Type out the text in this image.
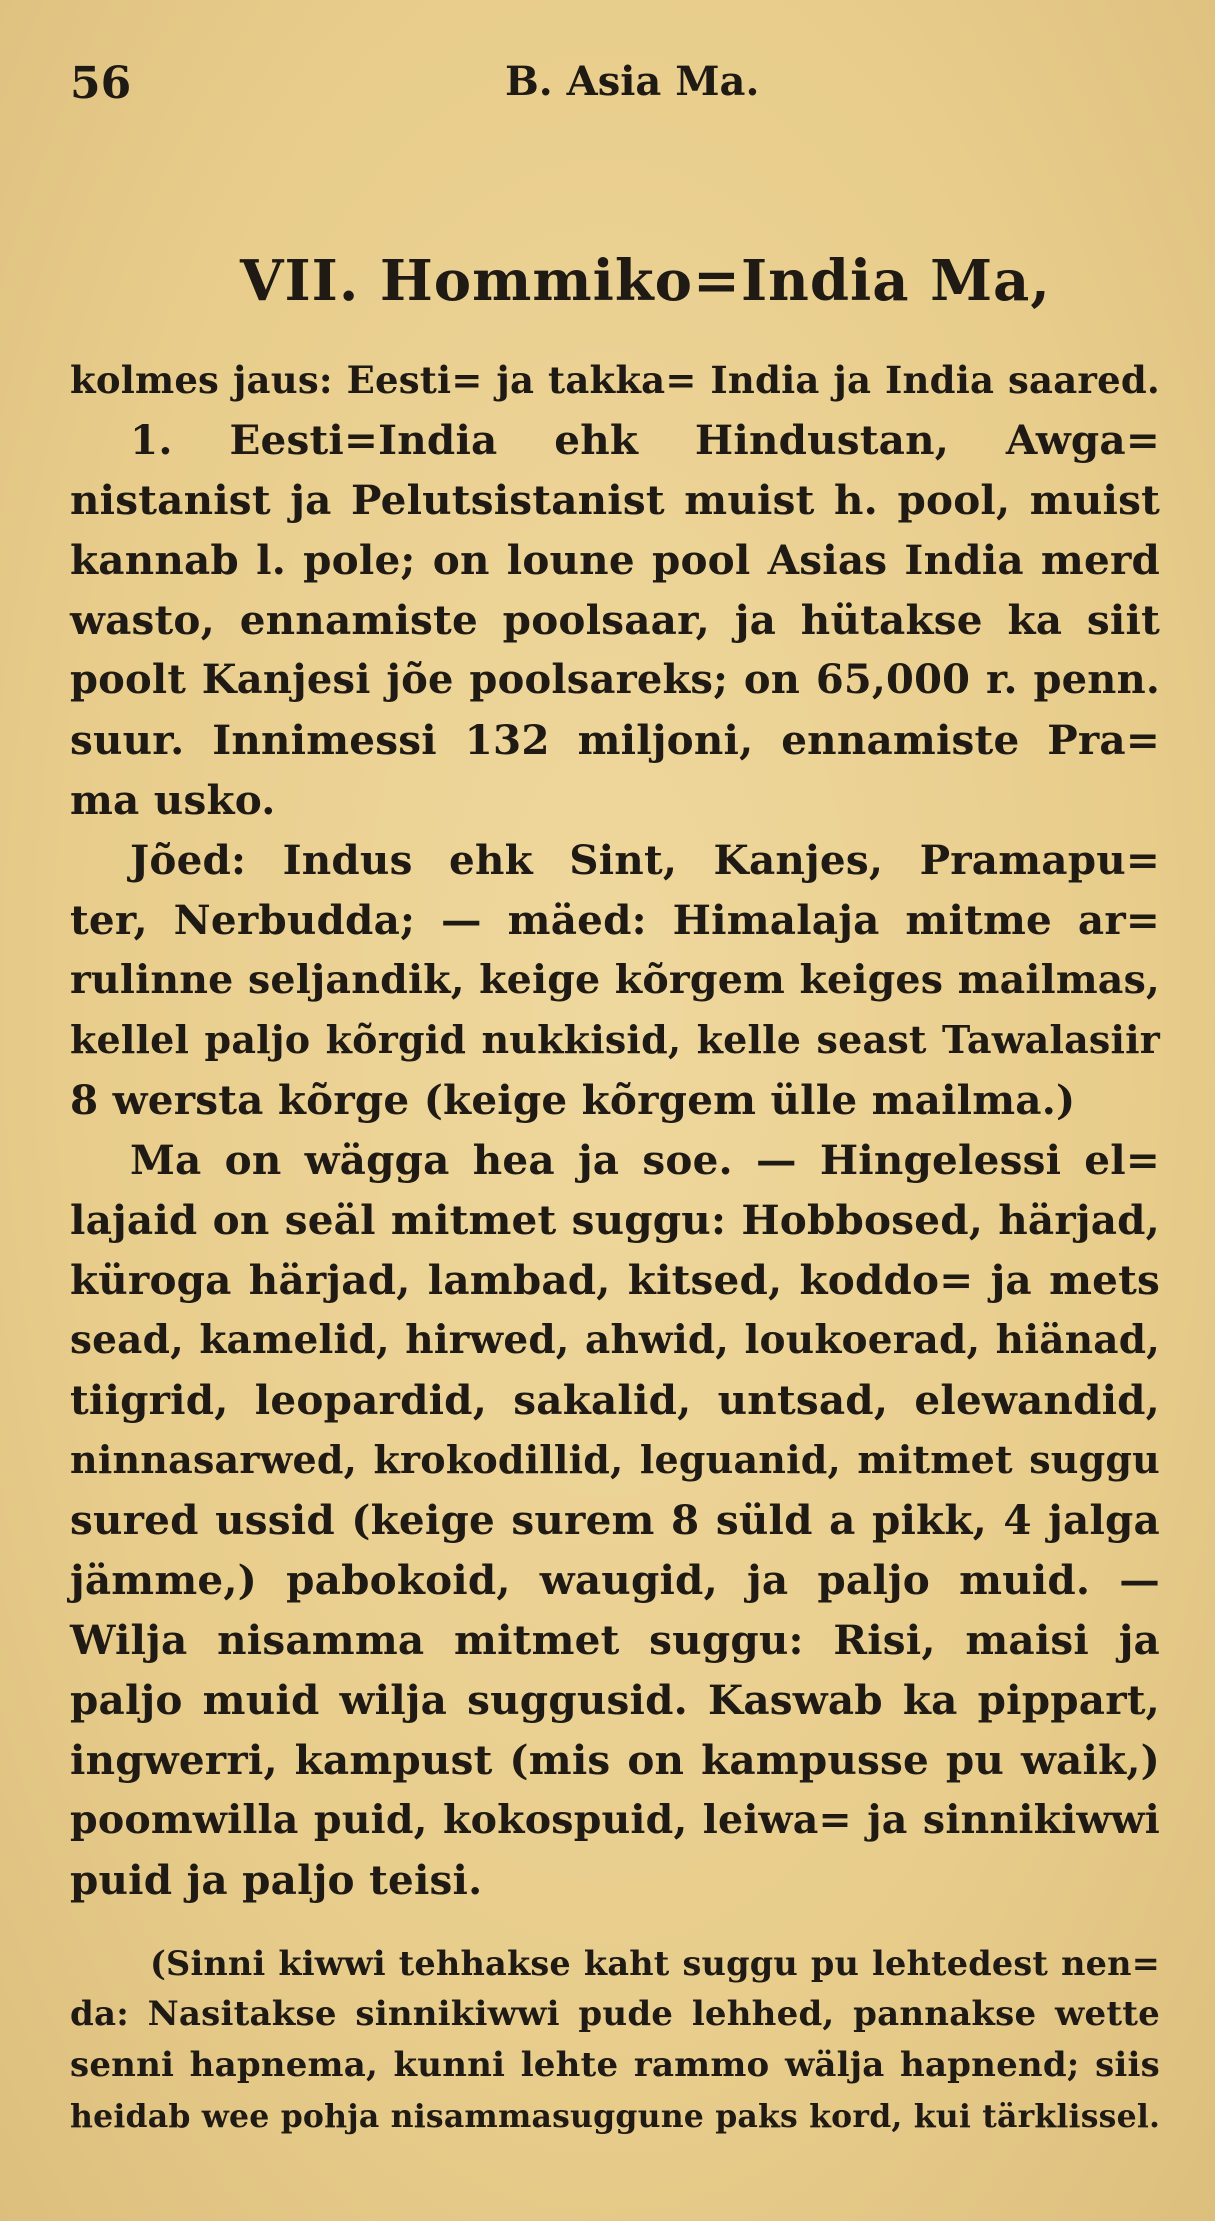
56	B. Asia Ma.
VII. Hommiko=India Ma,
kolmes jaus: Eesti= ja takka= India ja India saared.
1. Eesti=India ehk Hindustan, Awga=
nistanist ja Pelutsistanist muist h. pool, muist
kannab l. pole; on loune pool Asias India merd
wasto, ennamiste poolsaar, ja hütakse ka siit
poolt Kanjesi jõe poolsareks; on 65,000 r. penn.
suur. Innimessi 132 miljoni, ennamiste Pra=
ma usko.
Jõed: Indus ehk Sint, Kanjes, Pramapu=
ter, Nerbudda; — mäed: Himalaja mitme ar=
rulinne seljandik, keige kõrgem keiges mailmas,
kellel paljo kõrgid nukkisid, kelle seast Tawalasiir
8 wersta kõrge (keige kõrgem ülle mailma.)
Ma on wägga hea ja soe. — Hingelessi el=
lajaid on seäl mitmet suggu: Hobbosed, härjad,
küroga härjad, lambad, kitsed, koddo= ja mets
sead, kamelid, hirwed, ahwid, loukoerad, hiänad,
tiigrid, leopardid, sakalid, untsad, elewandid,
ninnasarwed, krokodillid, leguanid, mitmet suggu
sured ussid (keige surem 8 süld a pikk, 4 jalga
jämme,) pabokoid, waugid, ja paljo muid. —
Wilja nisamma mitmet suggu: Risi, maisi ja
paljo muid wilja suggusid. Kaswab ka pippart,
ingwerri, kampust (mis on kampusse pu waik,)
poomwilla puid, kokospuid, leiwa= ja sinnikiwwi
puid ja paljo teisi.
(Sinni kiwwi tehhakse kaht suggu pu lehtedest nen=
da: Nasitakse sinnikiwwi pude lehhed, pannakse wette
senni hapnema, kunni lehte rammo wälja hapnend; siis
heidab wee pohja nisammasuggune paks kord, kui tärklissel.
